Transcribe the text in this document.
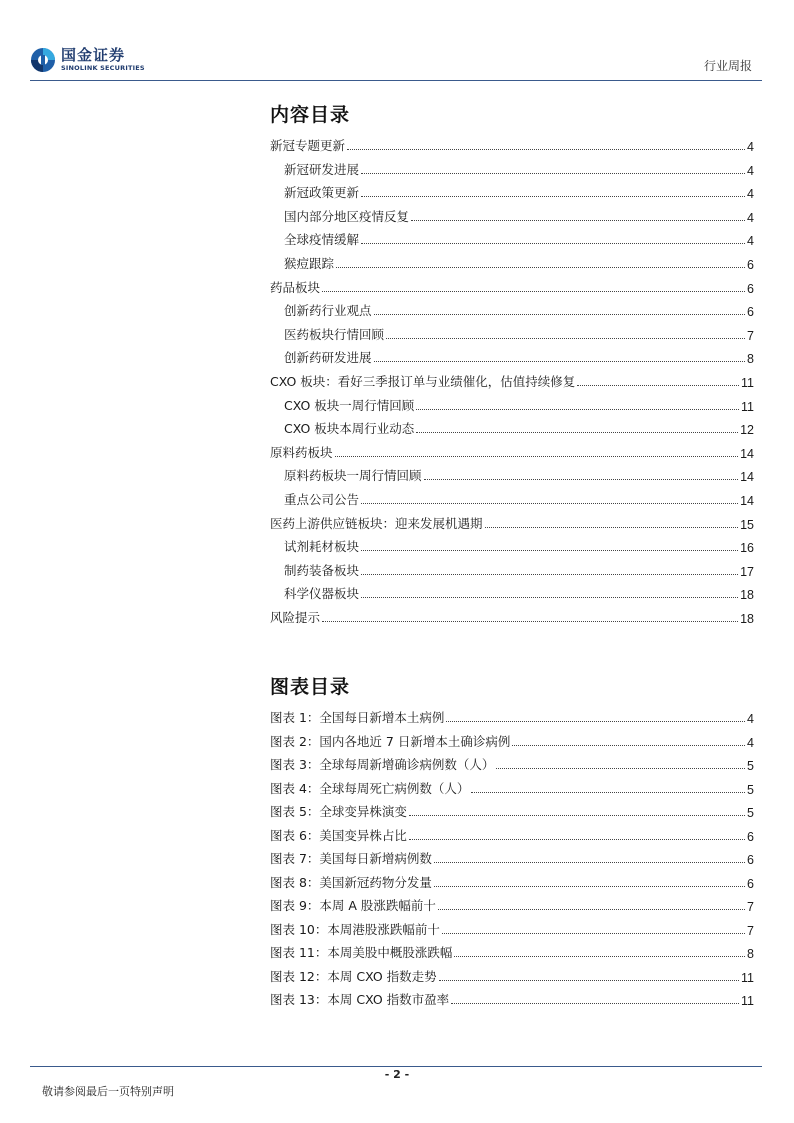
国金证券
SINOLINK SECURITIES	行业周报
内容目录
新冠专题更新	4
新冠研发进展	4
新冠政策更新	4
国内部分地区疫情反复	4
全球疫情缓解	4
猴痘跟踪	6
药品板块	6
创新药行业观点	6
医药板块行情回顾	7
创新药研发进展	8
CXO 板块：看好三季报订单与业绩催化，估值持续修复	11
CXO 板块一周行情回顾	11
CXO 板块本周行业动态	12
原料药板块	14
原料药板块一周行情回顾	14
重点公司公告	14
医药上游供应链板块：迎来发展机遇期	15
试剂耗材板块	16
制药装备板块	17
科学仪器板块	18
风险提示	18
图表目录
图表 1：全国每日新增本土病例	4
图表 2：国内各地近 7 日新增本土确诊病例	4
图表 3：全球每周新增确诊病例数（人）	5
图表 4：全球每周死亡病例数（人）	5
图表 5：全球变异株演变	5
图表 6：美国变异株占比	6
图表 7：美国每日新增病例数	6
图表 8：美国新冠药物分发量	6
图表 9：本周 A 股涨跌幅前十	7
图表 10：本周港股涨跌幅前十	7
图表 11：本周美股中概股涨跌幅	8
图表 12：本周 CXO 指数走势	11
图表 13：本周 CXO 指数市盈率	11
- 2 -
敬请参阅最后一页特别声明
